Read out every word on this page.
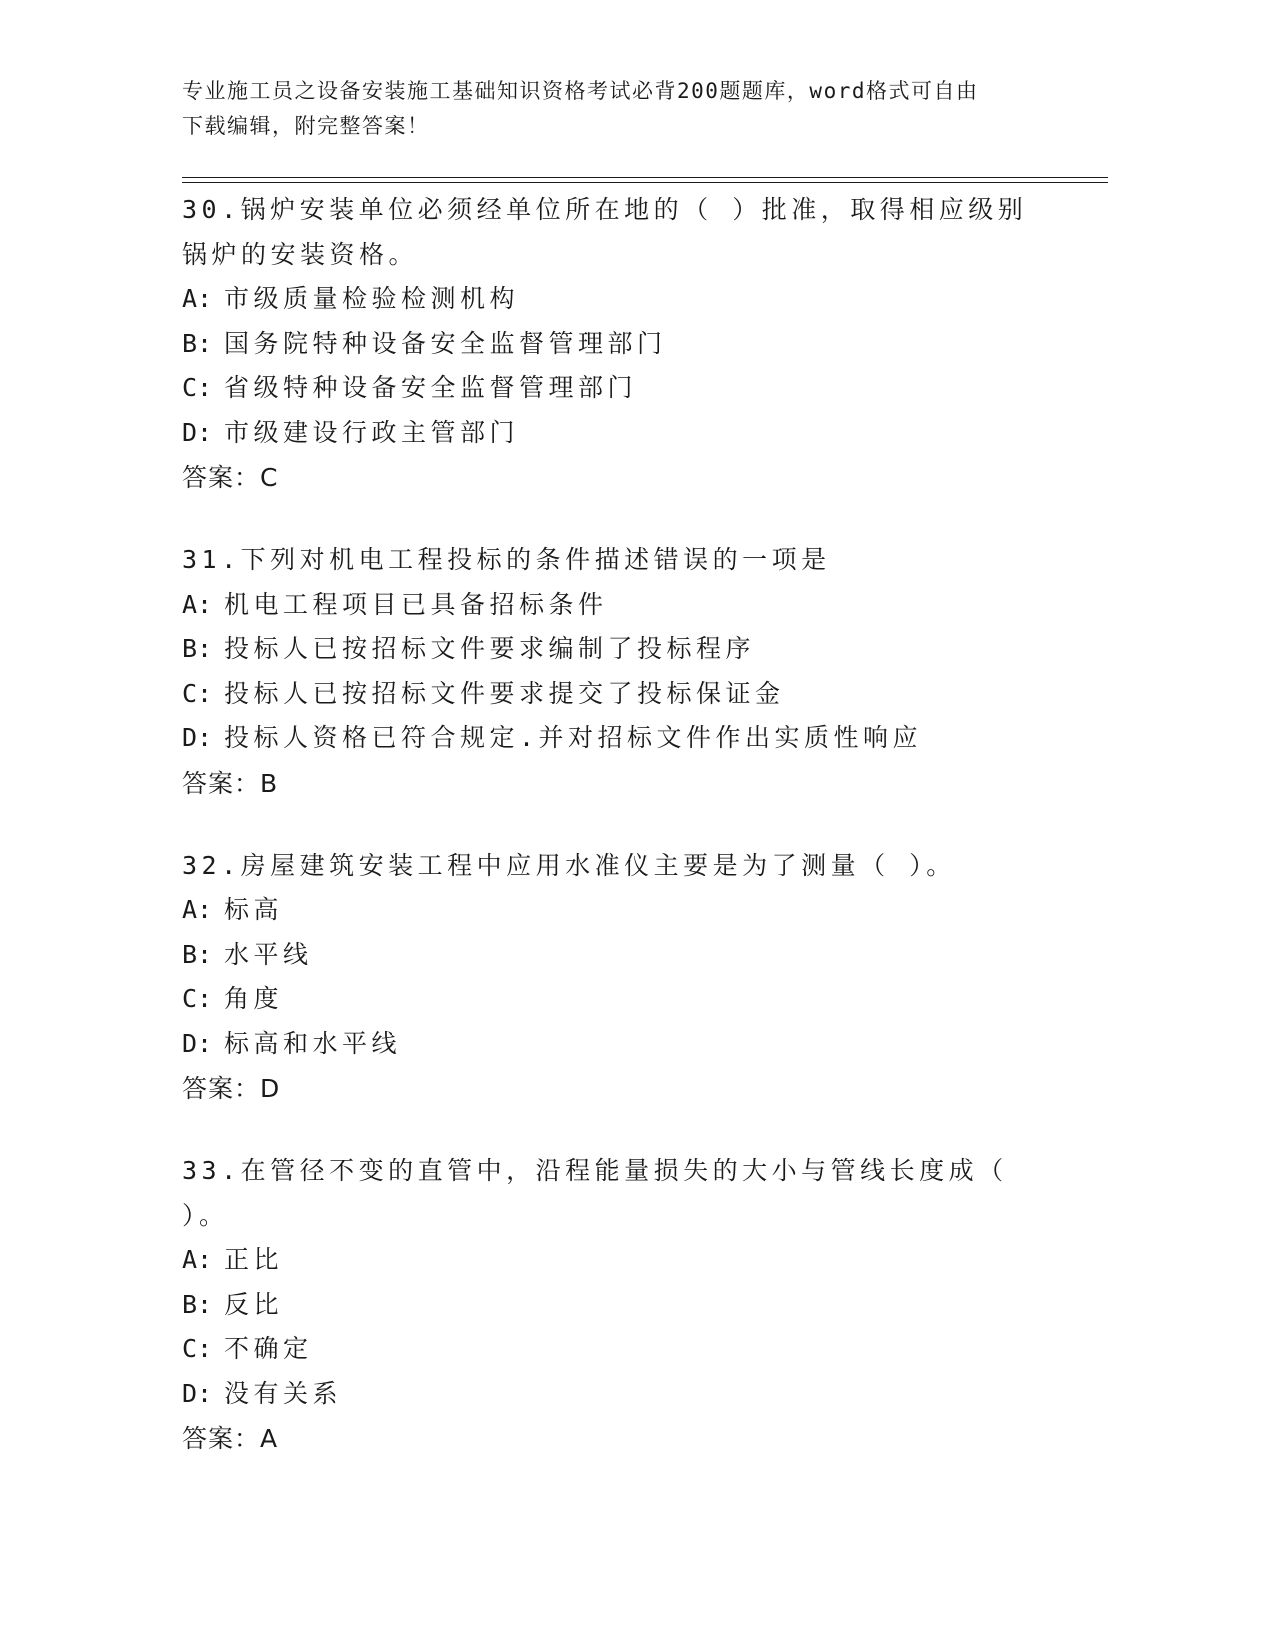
专业施工员之设备安装施工基础知识资格考试必背200题题库，word格式可自由
下载编辑，附完整答案！
30.锅炉安装单位必须经单位所在地的（ ）批准，取得相应级别锅炉的安装资格。
A: 市级质量检验检测机构
B: 国务院特种设备安全监督管理部门
C: 省级特种设备安全监督管理部门
D: 市级建设行政主管部门
答案：C
31.下列对机电工程投标的条件描述错误的一项是
A: 机电工程项目已具备招标条件
B: 投标人已按招标文件要求编制了投标程序
C: 投标人已按招标文件要求提交了投标保证金
D: 投标人资格已符合规定.并对招标文件作出实质性响应
答案：B
32.房屋建筑安装工程中应用水准仪主要是为了测量（ ）。
A: 标高
B: 水平线
C: 角度
D: 标高和水平线
答案：D
33.在管径不变的直管中，沿程能量损失的大小与管线长度成（ ）。
A: 正比
B: 反比
C: 不确定
D: 没有关系
答案：A
